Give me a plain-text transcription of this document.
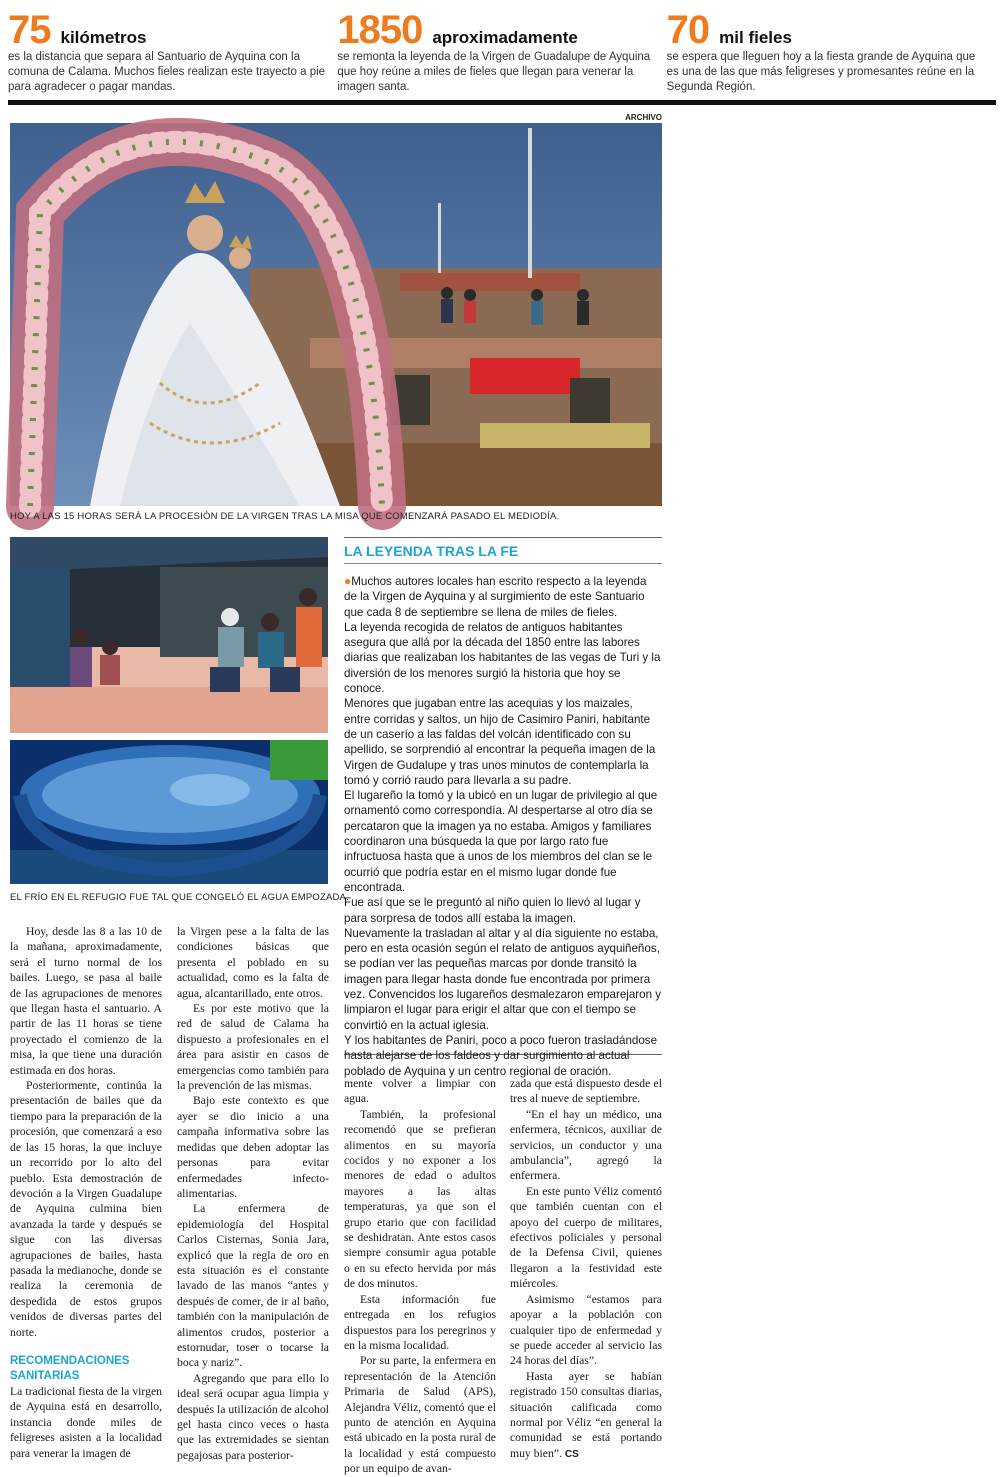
75 kilómetros
es la distancia que separa al Santuario de Ayquina con la comuna de Calama. Muchos fieles realizan este trayecto a pie para agradecer o pagar mandas.
1850 aproximadamente
se remonta la leyenda de la Virgen de Guadalupe de Ayquina que hoy reúne a miles de fieles que llegan para venerar la imagen santa.
70 mil fieles
se espera que lleguen hoy a la fiesta grande de Ayquina que es una de las que más feligreses y promesantes reúne en la Segunda Región.
ARCHIVO
HOY A LAS 15 HORAS SERÁ LA PROCESIÓN DE LA VIRGEN TRAS LA MISA QUE COMENZARÁ PASADO EL MEDIODÍA.
EL FRÍO EN EL REFUGIO FUE TAL QUE CONGELÓ EL AGUA EMPOZADA.
LA LEYENDA TRAS LA FE

●Muchos autores locales han escrito respecto a la leyenda de la Virgen de Ayquina y al surgimiento de este Santuario que cada 8 de septiembre se llena de miles de fieles.

La leyenda recogida de relatos de antiguos habitantes asegura que allá por la década del 1850 entre las labores diarias que realizaban los habitantes de las vegas de Turi y la diversión de los menores surgió la historia que hoy se conoce.

Menores que jugaban entre las acequias y los maizales, entre corridas y saltos, un hijo de Casimiro Paniri, habitante de un caserío a las faldas del volcán identificado con su apellido, se sorprendió al encontrar la pequeña imagen de la Virgen de Gudalupe y tras unos minutos de contemplarla la tomó y corrió raudo para llevarla a su padre.

El lugareño la tomó y la ubicó en un lugar de privilegio al que ornamentó como correspondía. Al despertarse al otro día se percataron que la imagen ya no estaba. Amigos y familiares coordinaron una búsqueda la que por largo rato fue infructuosa hasta que a unos de los miembros del clan se le ocurrió que podría estar en el mismo lugar donde fue encontrada.

Fue así que se le preguntó al niño quien lo llevó al lugar y para sorpresa de todos allí estaba la imagen.

Nuevamente la trasladan al altar y al día siguiente no estaba, pero en esta ocasión según el relato de antiguos ayquiñeños, se podían ver las pequeñas marcas por donde transitó la imagen para llegar hasta donde fue encontrada por primera vez. Convencidos los lugareños desmalezaron emparejaron y limpiaron el lugar para erigir el altar que con el tiempo se convirtió en la actual iglesia.

Y los habitantes de Paniri, poco a poco fueron trasladándose hasta alejarse de los faldeos y dar surgimiento al actual poblado de Ayquina y un centro regional de oración.

Hoy, desde las 8 a las 10 de la mañana, aproximadamente, será el turno normal de los bailes. Luego, se pasa al baile de las agrupaciones de menores que llegan hasta el santuario. A partir de las 11 horas se tiene proyectado el comienzo de la misa, la que tiene una duración estimada en dos horas.

Posteriormente, continúa la presentación de bailes que da tiempo para la preparación de la procesión, que comenzará a eso de las 15 horas, la que incluye un recorrido por lo alto del pueblo. Esta demostración de devoción a la Virgen Guadalupe de Ayquina culmina bien avanzada la tarde y después se sigue con las diversas agrupaciones de bailes, hasta pasada la medianoche, donde se realiza la ceremonia de despedida de estos grupos venidos de diversas partes del norte.

RECOMENDACIONES SANITARIAS

La tradicional fiesta de la virgen de Ayquina está en desarrollo, instancia donde miles de feligreses asisten a la localidad para venerar la imagen de

la Virgen pese a la falta de las condiciones básicas que presenta el poblado en su actualidad, como es la falta de agua, alcantarillado, ente otros.

Es por este motivo que la red de salud de Calama ha dispuesto a profesionales en el área para asistir en casos de emergencias como también para la prevención de las mismas.

Bajo este contexto es que ayer se dio inicio a una campaña informativa sobre las medidas que deben adoptar las personas para evitar enfermedades infecto-alimentarias.

La enfermera de epidemiología del Hospital Carlos Cisternas, Sonia Jara, explicó que la regla de oro en esta situación es el constante lavado de las manos “antes y después de comer, de ir al baño, también con la manipulación de alimentos crudos, posterior a estornudar, toser o tocarse la boca y nariz”.

Agregando que para ello lo ideal será ocupar agua limpia y después la utilización de alcohol gel hasta cinco veces o hasta que las extremidades se sientan pegajosas para posterior-

mente volver a limpiar con agua.

También, la profesional recomendó que se prefieran alimentos en su mayoría cocidos y no exponer a los menores de edad o adultos mayores a las altas temperaturas, ya que son el grupo etario que con facilidad se deshidratan. Ante estos casos siempre consumir agua potable o en su efecto hervida por más de dos minutos.

Esta información fue entregada en los refugios dispuestos para los peregrinos y en la misma localidad.

Por su parte, la enfermera en representación de la Atención Primaria de Salud (APS), Alejandra Véliz, comentó que el punto de atención en Ayquina está ubicado en la posta rural de la localidad y está compuesto por un equipo de avan-

zada que está dispuesto desde el tres al nueve de septiembre.

“En el hay un médico, una enfermera, técnicos, auxiliar de servicios, un conductor y una ambulancia”, agregó la enfermera.

En este punto Véliz comentó que también cuentan con el apoyo del cuerpo de militares, efectivos policiales y personal de la Defensa Civil, quienes llegaron a la festividad este miércoles.

Asimismo “estamos para apoyar a la población con cualquier tipo de enfermedad y se puede acceder al servicio las 24 horas del días”.

Hasta ayer se habían registrado 150 consultas diarias, situación calificada como normal por Véliz “en general la comunidad se está portando muy bien”. CS
